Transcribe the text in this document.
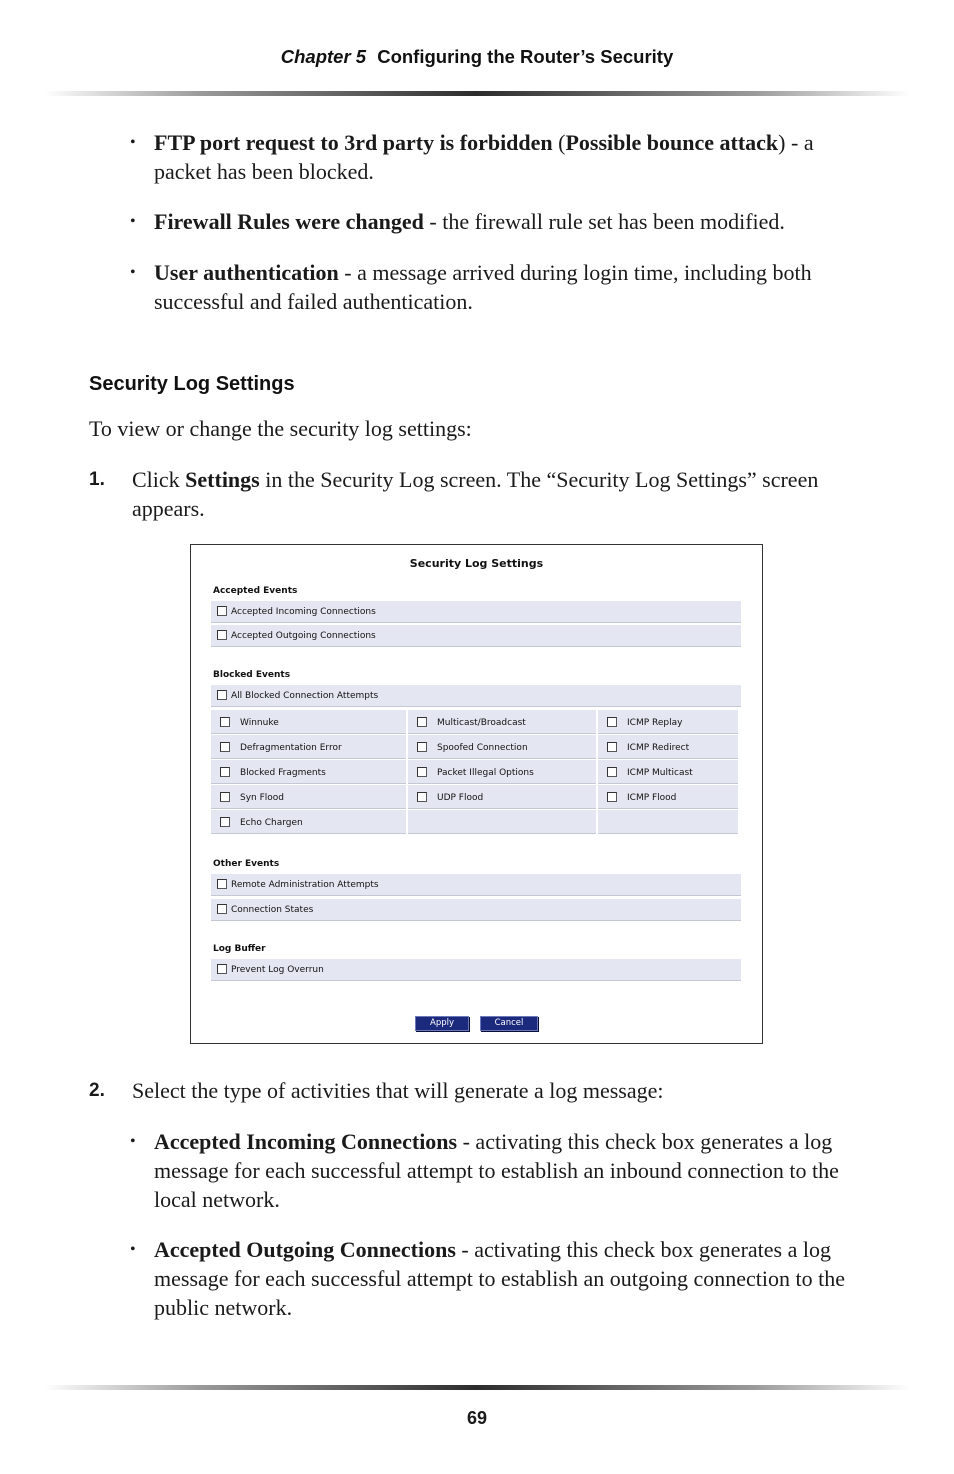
Chapter 5 Configuring the Router’s Security
• FTP port request to 3rd party is forbidden (Possible bounce attack) - a packet has been blocked.
• Firewall Rules were changed - the firewall rule set has been modified.
• User authentication - a message arrived during login time, including both successful and failed authentication.
Security Log Settings
To view or change the security log settings:
1. Click Settings in the Security Log screen. The “Security Log Settings” screen appears.
Security Log Settings
Accepted Events
Accepted Incoming Connections
Accepted Outgoing Connections
Blocked Events
All Blocked Connection Attempts
Winnuke	Multicast/Broadcast	ICMP Replay
Defragmentation Error	Spoofed Connection	ICMP Redirect
Blocked Fragments	Packet Illegal Options	ICMP Multicast
Syn Flood	UDP Flood	ICMP Flood
Echo Chargen
Other Events
Remote Administration Attempts
Connection States
Log Buffer
Prevent Log Overrun
Apply	Cancel
2. Select the type of activities that will generate a log message:
• Accepted Incoming Connections - activating this check box generates a log message for each successful attempt to establish an inbound connection to the local network.
• Accepted Outgoing Connections - activating this check box generates a log message for each successful attempt to establish an outgoing connection to the public network.
69
